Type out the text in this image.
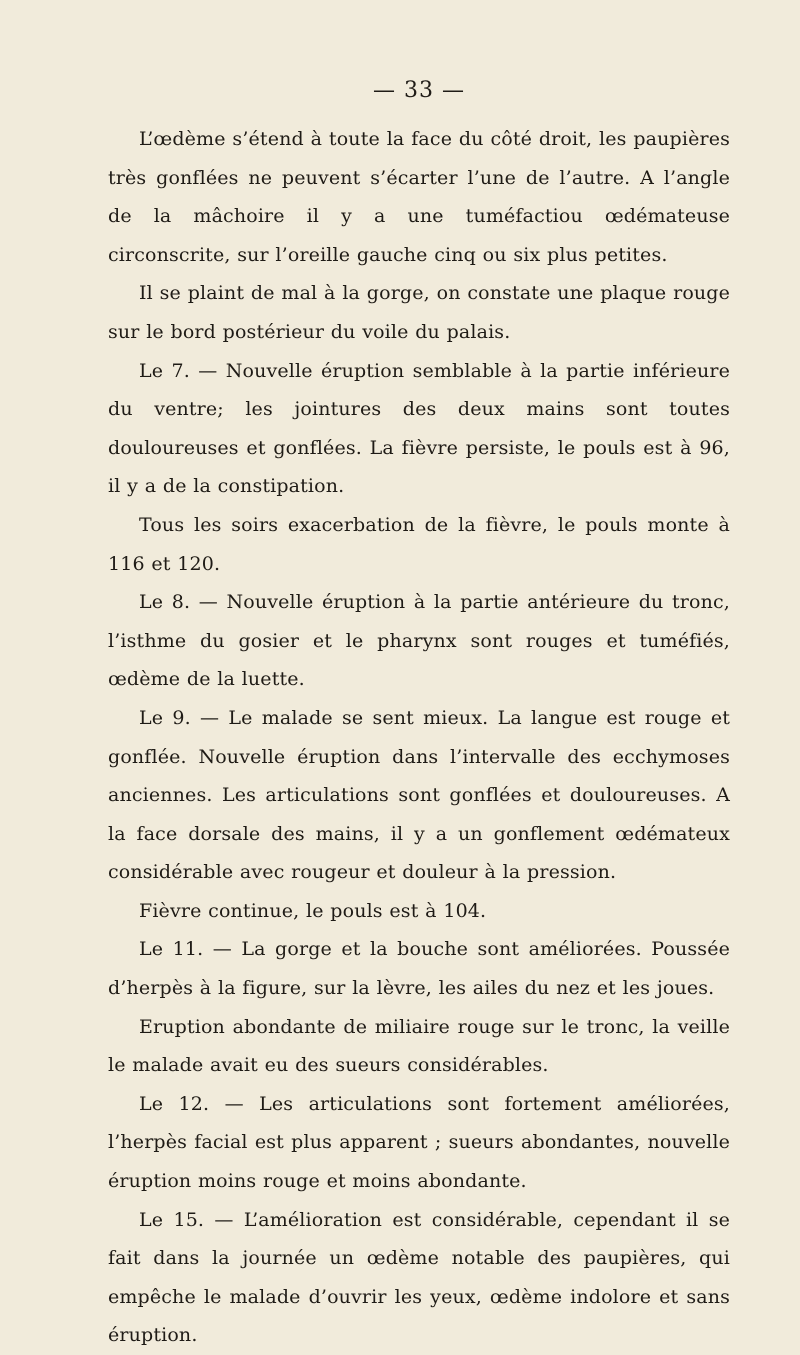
— 33 —

L’œdème s’étend à toute la face du côté droit, les paupières très gonflées ne peuvent s’écarter l’une de l’autre. A l’angle de la mâchoire il y a une tuméfactiou œdémateuse circonscrite, sur l’oreille gauche cinq ou six plus petites.

Il se plaint de mal à la gorge, on constate une plaque rouge sur le bord postérieur du voile du palais.

Le 7. — Nouvelle éruption semblable à la partie inférieure du ventre; les jointures des deux mains sont toutes douloureuses et gonflées. La fièvre persiste, le pouls est à 96, il y a de la constipation.

Tous les soirs exacerbation de la fièvre, le pouls monte à 116 et 120.

Le 8. — Nouvelle éruption à la partie antérieure du tronc, l’isthme du gosier et le pharynx sont rouges et tuméfiés, œdème de la luette.

Le 9. — Le malade se sent mieux. La langue est rouge et gonflée. Nouvelle éruption dans l’intervalle des ecchymoses anciennes. Les articulations sont gonflées et douloureuses. A la face dorsale des mains, il y a un gonflement œdémateux considérable avec rougeur et douleur à la pression.

Fièvre continue, le pouls est à 104.

Le 11. — La gorge et la bouche sont améliorées. Poussée d’herpès à la figure, sur la lèvre, les ailes du nez et les joues.

Eruption abondante de miliaire rouge sur le tronc, la veille le malade avait eu des sueurs considérables.

Le 12. — Les articulations sont fortement améliorées, l’herpès facial est plus apparent ; sueurs abondantes, nouvelle éruption moins rouge et moins abondante.

Le 15. — L’amélioration est considérable, cependant il se fait dans la journée un œdème notable des paupières, qui empêche le malade d’ouvrir les yeux, œdème indolore et sans éruption.
